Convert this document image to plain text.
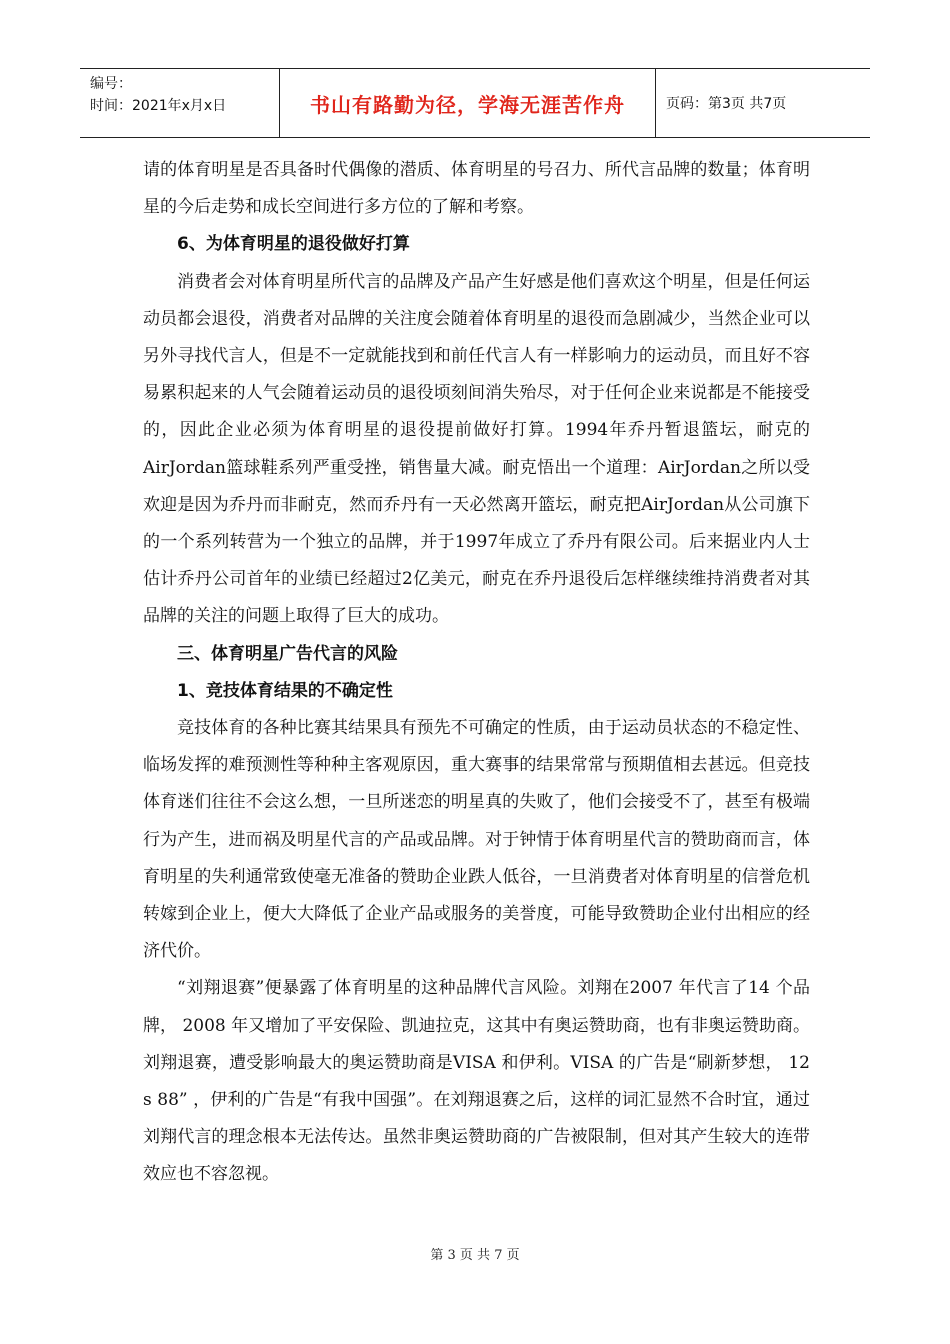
编号：
时间：2021年x月x日	书山有路勤为径，学海无涯苦作舟	页码：第3页 共7页

请的体育明星是否具备时代偶像的潜质、体育明星的号召力、所代言品牌的数量；体育明星的今后走势和成长空间进行多方位的了解和考察。

6、为体育明星的退役做好打算

消费者会对体育明星所代言的品牌及产品产生好感是他们喜欢这个明星，但是任何运动员都会退役，消费者对品牌的关注度会随着体育明星的退役而急剧减少，当然企业可以另外寻找代言人，但是不一定就能找到和前任代言人有一样影响力的运动员，而且好不容易累积起来的人气会随着运动员的退役顷刻间消失殆尽，对于任何企业来说都是不能接受的，因此企业必须为体育明星的退役提前做好打算。1994年乔丹暂退篮坛，耐克的AirJordan篮球鞋系列严重受挫，销售量大减。耐克悟出一个道理：AirJordan之所以受欢迎是因为乔丹而非耐克，然而乔丹有一天必然离开篮坛，耐克把AirJordan从公司旗下的一个系列转营为一个独立的品牌，并于1997年成立了乔丹有限公司。后来据业内人士估计乔丹公司首年的业绩已经超过2亿美元，耐克在乔丹退役后怎样继续维持消费者对其品牌的关注的问题上取得了巨大的成功。

三、体育明星广告代言的风险
1、竞技体育结果的不确定性

竞技体育的各种比赛其结果具有预先不可确定的性质，由于运动员状态的不稳定性、临场发挥的难预测性等种种主客观原因，重大赛事的结果常常与预期值相去甚远。但竞技体育迷们往往不会这么想，一旦所迷恋的明星真的失败了，他们会接受不了，甚至有极端行为产生，进而祸及明星代言的产品或品牌。对于钟情于体育明星代言的赞助商而言，体育明星的失利通常致使毫无准备的赞助企业跌人低谷，一旦消费者对体育明星的信誉危机转嫁到企业上，便大大降低了企业产品或服务的美誉度，可能导致赞助企业付出相应的经济代价。

“刘翔退赛”便暴露了体育明星的这种品牌代言风险。刘翔在2007 年代言了14 个品牌， 2008 年又增加了平安保险、凯迪拉克，这其中有奥运赞助商，也有非奥运赞助商。刘翔退赛，遭受影响最大的奥运赞助商是VISA 和伊利。VISA 的广告是“刷新梦想， 12 s 88” ，伊利的广告是“有我中国强”。在刘翔退赛之后，这样的词汇显然不合时宜，通过刘翔代言的理念根本无法传达。虽然非奥运赞助商的广告被限制，但对其产生较大的连带效应也不容忽视。

第 3 页 共 7 页
